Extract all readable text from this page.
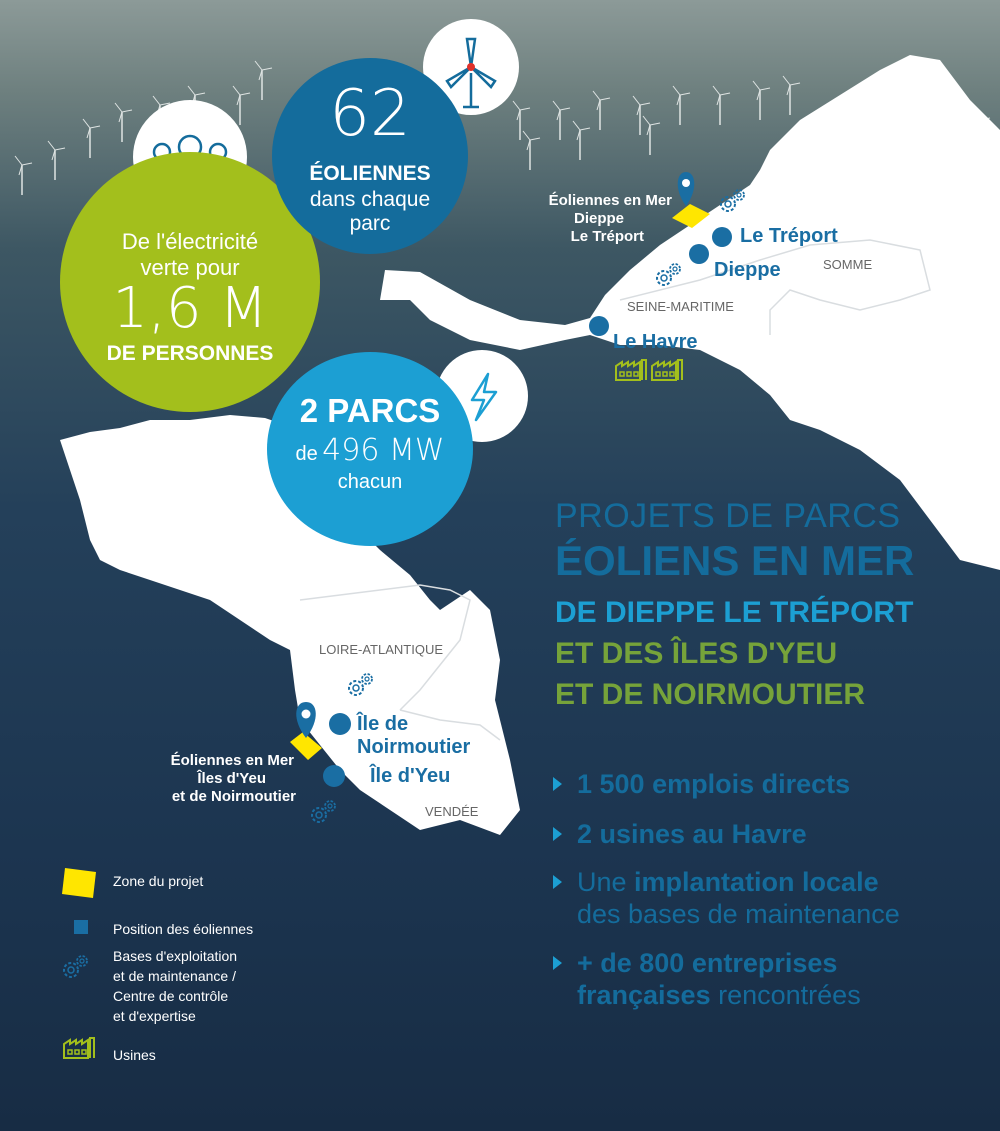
De l'électricité

verte pour

1,6 M

DE PERSONNES

62

ÉOLIENNES

dans chaque

parc

2 PARCS

de 496 MW

chacun

Éoliennes en Mer

Dieppe

Le Tréport	Le Tréport

Dieppe

Le Havre

SOMME

SEINE-MARITIME

LOIRE-ATLANTIQUE

VENDÉE

Île de

Noirmoutier

Île d'Yeu

Éoliennes en Mer

Îles d'Yeu

et de Noirmoutier

PROJETS DE PARCS

ÉOLIENS EN MER

DE DIEPPE LE TRÉPORT

ET DES ÎLES D'YEU

ET DE NOIRMOUTIER

1 500 emplois directs
2 usines au Havre
Une implantation locale
des bases de maintenance
+ de 800 entreprises
françaises rencontrées

Zone du projet

Position des éoliennes

Bases d'exploitation

et de maintenance /

Centre de contrôle

et d'expertise

Usines
